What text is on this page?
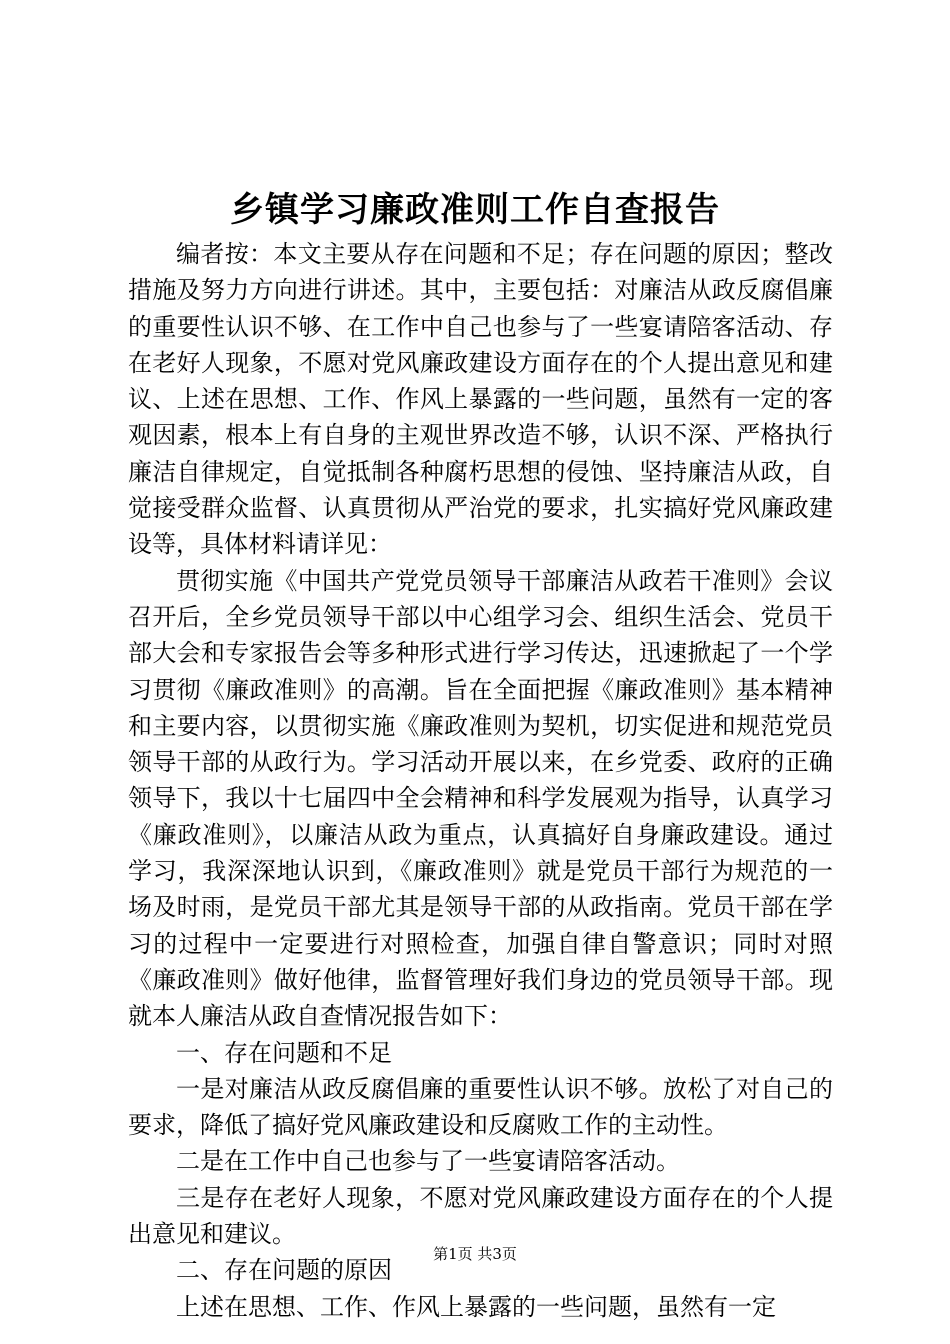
乡镇学习廉政准则工作自查报告

编者按：本文主要从存在问题和不足；存在问题的原因；整改措施及努力方向进行讲述。其中，主要包括：对廉洁从政反腐倡廉的重要性认识不够、在工作中自己也参与了一些宴请陪客活动、存在老好人现象，不愿对党风廉政建设方面存在的个人提出意见和建议、上述在思想、工作、作风上暴露的一些问题，虽然有一定的客观因素，根本上有自身的主观世界改造不够，认识不深、严格执行廉洁自律规定，自觉抵制各种腐朽思想的侵蚀、坚持廉洁从政，自觉接受群众监督、认真贯彻从严治党的要求，扎实搞好党风廉政建设等，具体材料请详见：

贯彻实施《中国共产党党员领导干部廉洁从政若干准则》会议召开后，全乡党员领导干部以中心组学习会、组织生活会、党员干部大会和专家报告会等多种形式进行学习传达，迅速掀起了一个学习贯彻《廉政准则》的高潮。旨在全面把握《廉政准则》基本精神和主要内容，以贯彻实施《廉政准则为契机，切实促进和规范党员领导干部的从政行为。学习活动开展以来，在乡党委、政府的正确领导下，我以十七届四中全会精神和科学发展观为指导，认真学习《廉政准则》，以廉洁从政为重点，认真搞好自身廉政建设。通过学习，我深深地认识到，《廉政准则》就是党员干部行为规范的一场及时雨，是党员干部尤其是领导干部的从政指南。党员干部在学习的过程中一定要进行对照检查，加强自律自警意识；同时对照《廉政准则》做好他律，监督管理好我们身边的党员领导干部。现就本人廉洁从政自查情况报告如下：

一、存在问题和不足

一是对廉洁从政反腐倡廉的重要性认识不够。放松了对自己的要求，降低了搞好党风廉政建设和反腐败工作的主动性。

二是在工作中自己也参与了一些宴请陪客活动。

三是存在老好人现象，不愿对党风廉政建设方面存在的个人提出意见和建议。

二、存在问题的原因

上述在思想、工作、作风上暴露的一些问题，虽然有一定

第1页 共3页
